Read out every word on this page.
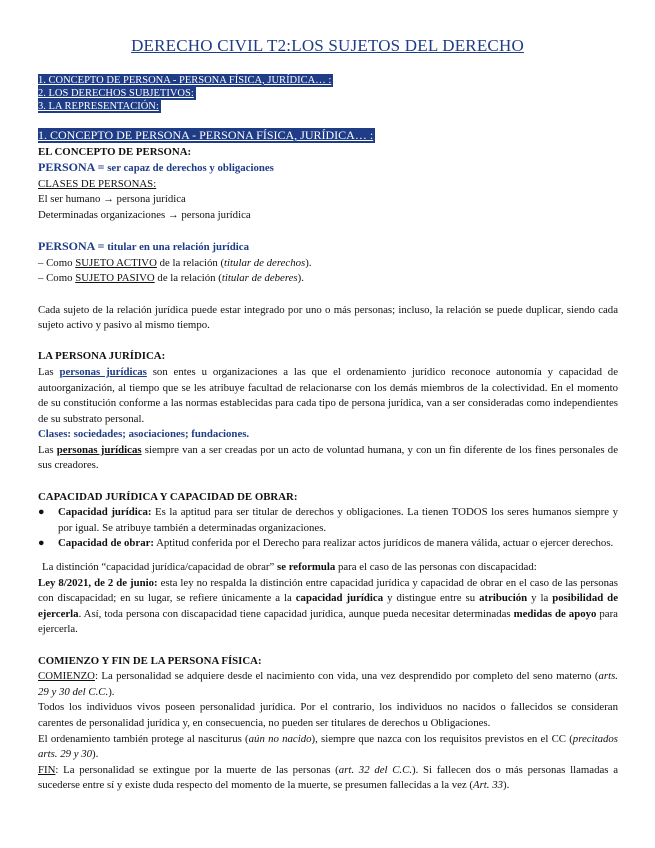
DERECHO CIVIL T2:LOS SUJETOS DEL DERECHO
1. CONCEPTO DE PERSONA - PERSONA FÍSICA, JURÍDICA… :
2. LOS DERECHOS SUBJETIVOS:
3. LA REPRESENTACIÓN:

1. CONCEPTO DE PERSONA - PERSONA FÍSICA, JURÍDICA… :

EL CONCEPTO DE PERSONA:

PERSONA = ser capaz de derechos y obligaciones

CLASES DE PERSONAS:

El ser humano → persona jurídica

Determinadas organizaciones → persona jurídica

PERSONA = titular en una relación jurídica

– Como SUJETO ACTIVO de la relación (titular de derechos).

– Como SUJETO PASIVO de la relación (titular de deberes).

Cada sujeto de la relación jurídica puede estar integrado por uno o más personas; incluso, la relación se puede duplicar, siendo cada sujeto activo y pasivo al mismo tiempo.

LA PERSONA JURÍDICA:

Las personas jurídicas son entes u organizaciones a las que el ordenamiento jurídico reconoce autonomía y capacidad de autoorganización, al tiempo que se les atribuye facultad de relacionarse con los demás miembros de la colectividad. En el momento de su constitución conforme a las normas establecidas para cada tipo de persona jurídica, van a ser consideradas como independientes de su substrato personal.

Clases: sociedades; asociaciones; fundaciones.

Las personas jurídicas siempre van a ser creadas por un acto de voluntad humana, y con un fin diferente de los fines personales de sus creadores.

CAPACIDAD JURÍDICA Y CAPACIDAD DE OBRAR:

● Capacidad jurídica: Es la aptitud para ser titular de derechos y obligaciones. La tienen TODOS los seres humanos siempre y por igual. Se atribuye también a determinadas organizaciones.
● Capacidad de obrar: Aptitud conferida por el Derecho para realizar actos jurídicos de manera válida, actuar o ejercer derechos.

La distinción “capacidad jurídica/capacidad de obrar” se reformula para el caso de las personas con discapacidad:

Ley 8/2021, de 2 de junio: esta ley no respalda la distinción entre capacidad jurídica y capacidad de obrar en el caso de las personas con discapacidad; en su lugar, se refiere únicamente a la capacidad jurídica y distingue entre su atribución y la posibilidad de ejercerla. Así, toda persona con discapacidad tiene capacidad jurídica, aunque pueda necesitar determinadas medidas de apoyo para ejercerla.

COMIENZO Y FIN DE LA PERSONA FÍSICA:

COMIENZO: La personalidad se adquiere desde el nacimiento con vida, una vez desprendido por completo del seno materno (arts. 29 y 30 del C.C.).

Todos los individuos vivos poseen personalidad jurídica. Por el contrario, los individuos no nacidos o fallecidos se consideran carentes de personalidad jurídica y, en consecuencia, no pueden ser titulares de derechos u Obligaciones.

El ordenamiento también protege al nasciturus (aún no nacido), siempre que nazca con los requisitos previstos en el CC (precitados arts. 29 y 30).

FIN: La personalidad se extingue por la muerte de las personas (art. 32 del C.C.). Si fallecen dos o más personas llamadas a sucederse entre sí y existe duda respecto del momento de la muerte, se presumen fallecidas a la vez (Art. 33).
